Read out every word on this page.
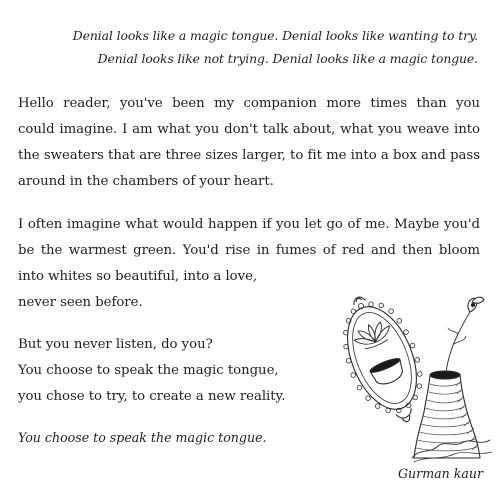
Denial looks like a magic tongue. Denial looks like wanting to try.
Denial looks like not trying. Denial looks like a magic tongue.
Hello reader, you've been my companion more times than you
could imagine. I am what you don't talk about, what you weave into
the sweaters that are three sizes larger, to fit me into a box and pass
around in the chambers of your heart.
I often imagine what would happen if you let go of me. Maybe you'd
be the warmest green. You'd rise in fumes of red and then bloom
into whites so beautiful, into a love,
never seen before.
But you never listen, do you?
You choose to speak the magic tongue,
you chose to try, to create a new reality.
You choose to speak the magic tongue.
Gurman kaur
